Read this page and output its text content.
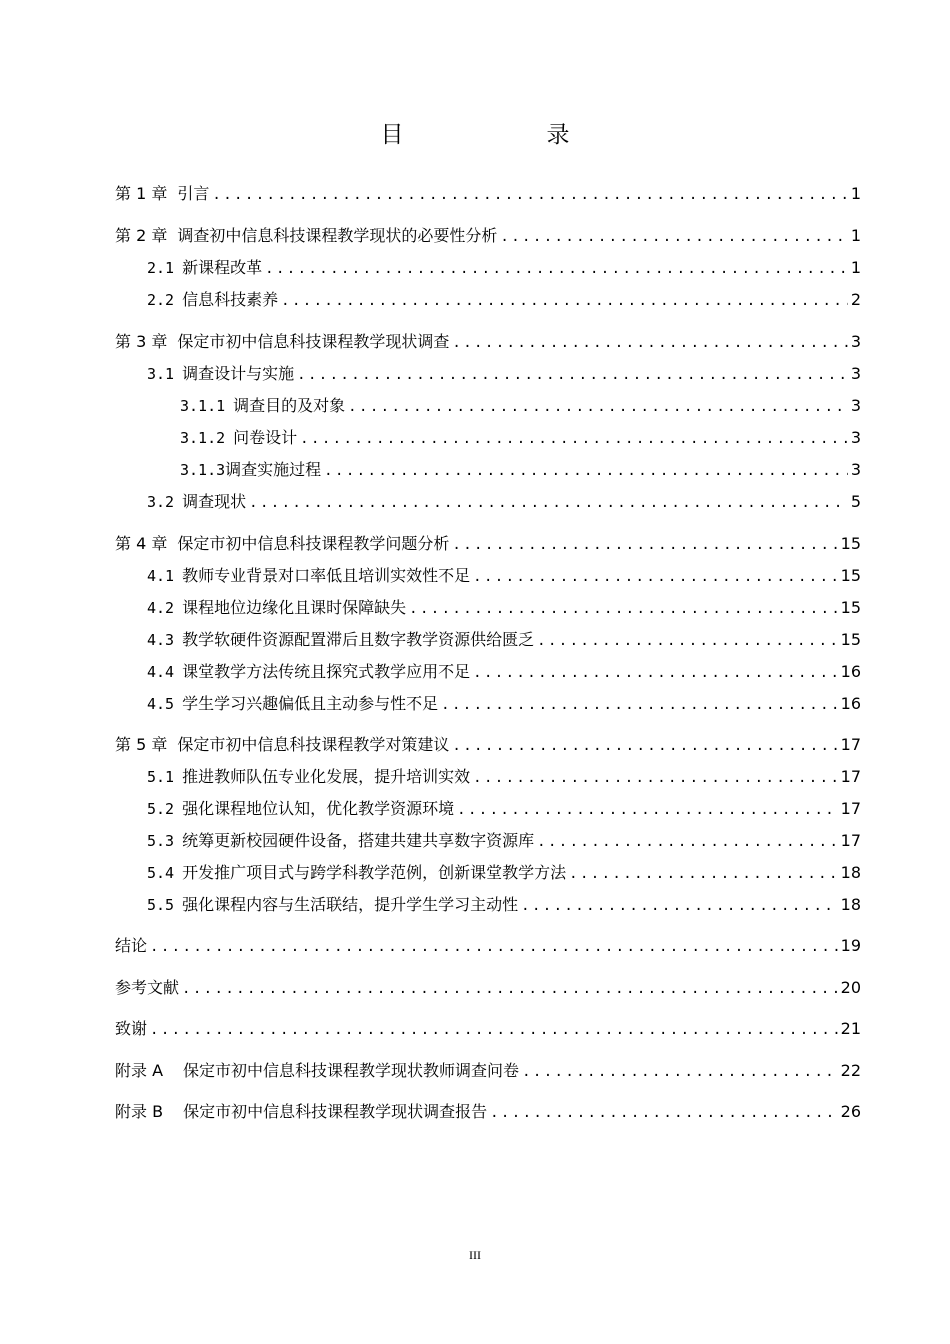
目　录
第 1 章 引言 .....	1
第 2 章 调查初中信息科技课程教学现状的必要性分析 .....	1
2.1 新课程改革 .....	1
2.2 信息科技素养 .....	2
第 3 章 保定市初中信息科技课程教学现状调查 .....	3
3.1 调查设计与实施 .....	3
3.1.1 调查目的及对象 .....	3
3.1.2 问卷设计 .....	3
3.1.3 调查实施过程 .....	3
3.2 调查现状 .....	5
第 4 章 保定市初中信息科技课程教学问题分析 .....	15
4.1 教师专业背景对口率低且培训实效性不足 .....	15
4.2 课程地位边缘化且课时保障缺失 .....	15
4.3 教学软硬件资源配置滞后且数字教学资源供给匮乏 .....	15
4.4 课堂教学方法传统且探究式教学应用不足 .....	16
4.5 学生学习兴趣偏低且主动参与性不足 .....	16
第 5 章 保定市初中信息科技课程教学对策建议 .....	17
5.1 推进教师队伍专业化发展，提升培训实效 .....	17
5.2 强化课程地位认知，优化教学资源环境 .....	17
5.3 统筹更新校园硬件设备，搭建共建共享数字资源库 .....	17
5.4 开发推广项目式与跨学科教学范例，创新课堂教学方法 .....	18
5.5 强化课程内容与生活联结，提升学生学习主动性 .....	18
结论 .....	19
参考文献 .....	20
致谢 .....	21
附录 A 保定市初中信息科技课程教学现状教师调查问卷 .....	22
附录 B 保定市初中信息科技课程教学现状调查报告 .....	26
III
